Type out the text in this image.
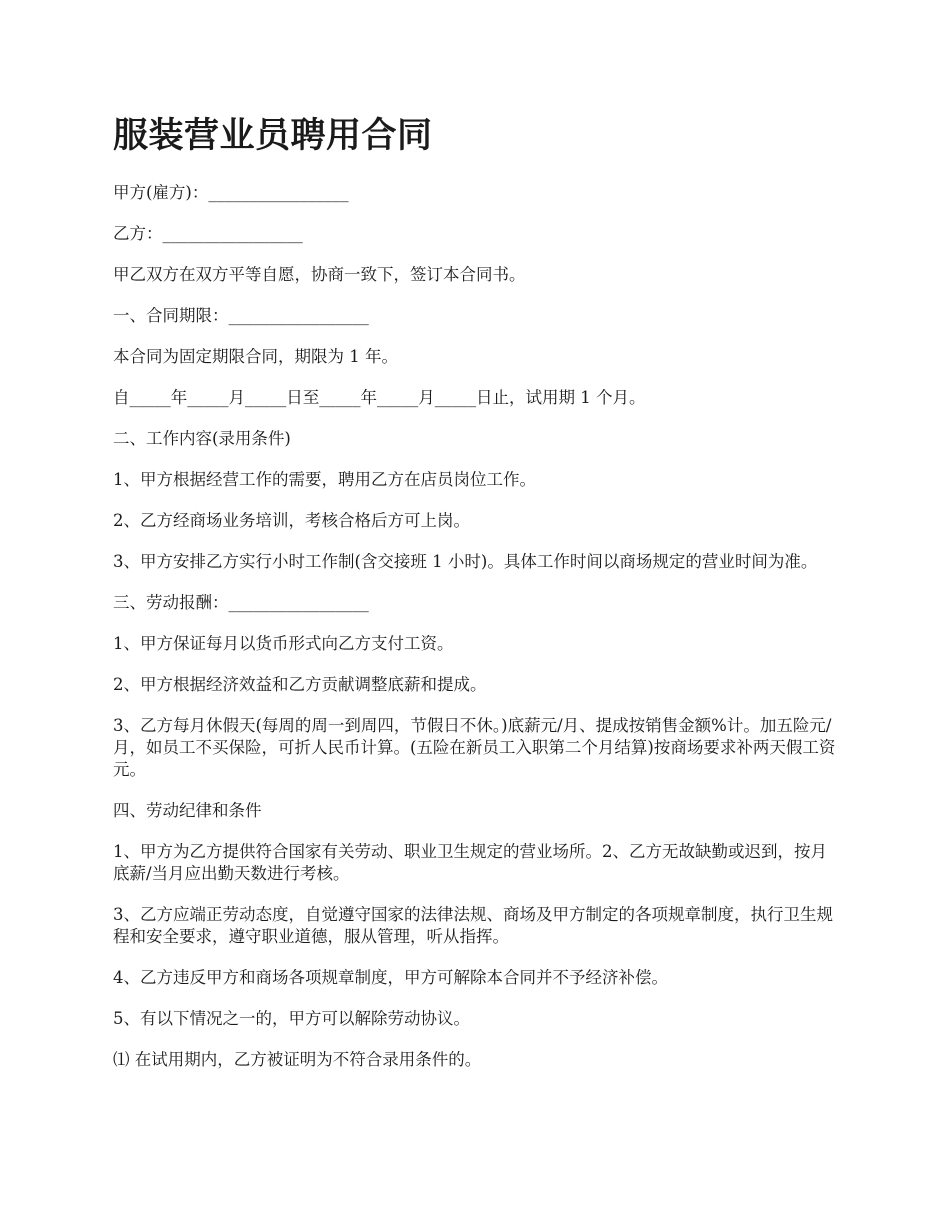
服装营业员聘用合同

甲方(雇方)：_________________

乙方：_________________

甲乙双方在双方平等自愿，协商一致下，签订本合同书。

一、合同期限：_________________

本合同为固定期限合同，期限为 1 年。

自_____年_____月_____日至_____年_____月_____日止，试用期 1 个月。

二、工作内容(录用条件)

1、甲方根据经营工作的需要，聘用乙方在店员岗位工作。

2、乙方经商场业务培训，考核合格后方可上岗。

3、甲方安排乙方实行小时工作制(含交接班 1 小时)。具体工作时间以商场规定的营业时间为准。

三、劳动报酬：_________________

1、甲方保证每月以货币形式向乙方支付工资。

2、甲方根据经济效益和乙方贡献调整底薪和提成。

3、乙方每月休假天(每周的周一到周四，节假日不休。)底薪元/月、提成按销售金额%计。加五险元/月，如员工不买保险，可折人民币计算。(五险在新员工入职第二个月结算)按商场要求补两天假工资元。

四、劳动纪律和条件

1、甲方为乙方提供符合国家有关劳动、职业卫生规定的营业场所。2、乙方无故缺勤或迟到，按月底薪/当月应出勤天数进行考核。

3、乙方应端正劳动态度，自觉遵守国家的法律法规、商场及甲方制定的各项规章制度，执行卫生规程和安全要求，遵守职业道德，服从管理，听从指挥。

4、乙方违反甲方和商场各项规章制度，甲方可解除本合同并不予经济补偿。

5、有以下情况之一的，甲方可以解除劳动协议。

⑴ 在试用期内，乙方被证明为不符合录用条件的。
